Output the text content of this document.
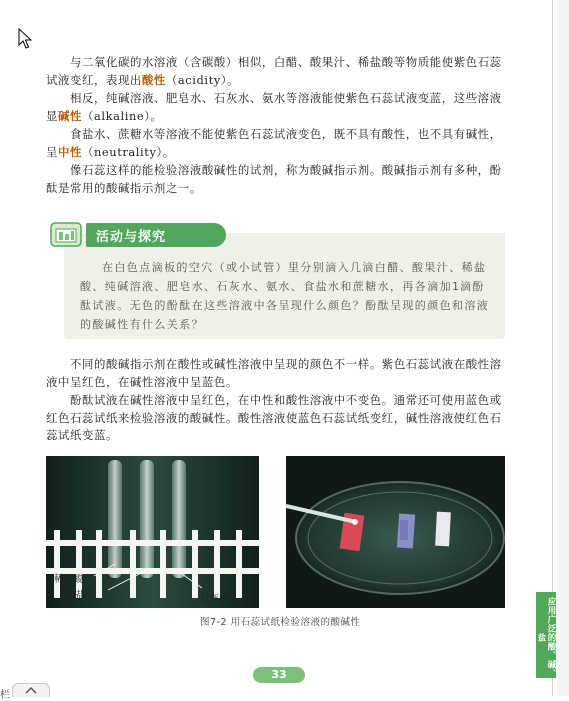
与二氧化碳的水溶液（含碳酸）相似，白醋、酸果汁、稀盐酸等物质能使紫色石蕊试液变红，表现出酸性（acidity）。

相反，纯碱溶液、肥皂水、石灰水、氨水等溶液能使紫色石蕊试液变蓝，这些溶液显碱性（alkaline）。

食盐水、蔗糖水等溶液不能使紫色石蕊试液变色，既不具有酸性，也不具有碱性，呈中性（neutrality）。

像石蕊这样的能检验溶液酸碱性的试剂，称为酸碱指示剂。酸碱指示剂有多种，酚酞是常用的酸碱指示剂之一。

活动与探究

在白色点滴板的空穴（或小试管）里分别滴入几滴白醋、酸果汁、稀盐酸、纯碱溶液、肥皂水、石灰水、氨水、食盐水和蔗糖水，再各滴加1滴酚酞试液。无色的酚酞在这些溶液中各呈现什么颜色？酚酞呈现的颜色和溶液的酸碱性有什么关系？

不同的酸碱指示剂在酸性或碱性溶液中呈现的颜色不一样。紫色石蕊试液在酸性溶液中呈红色，在碱性溶液中呈蓝色。

酚酞试液在碱性溶液中呈红色，在中性和酸性溶液中不变色。通常还可使用蓝色或红色石蕊试纸来检验溶液的酸碱性。酸性溶液使蓝色石蕊试纸变红，碱性溶液使红色石蕊试纸变蓝。

稀硫酸
食盐水	石灰水
图7-2 用石蕊试纸检验溶液的酸碱性	应用广泛的酸、碱、盐
33
栏
